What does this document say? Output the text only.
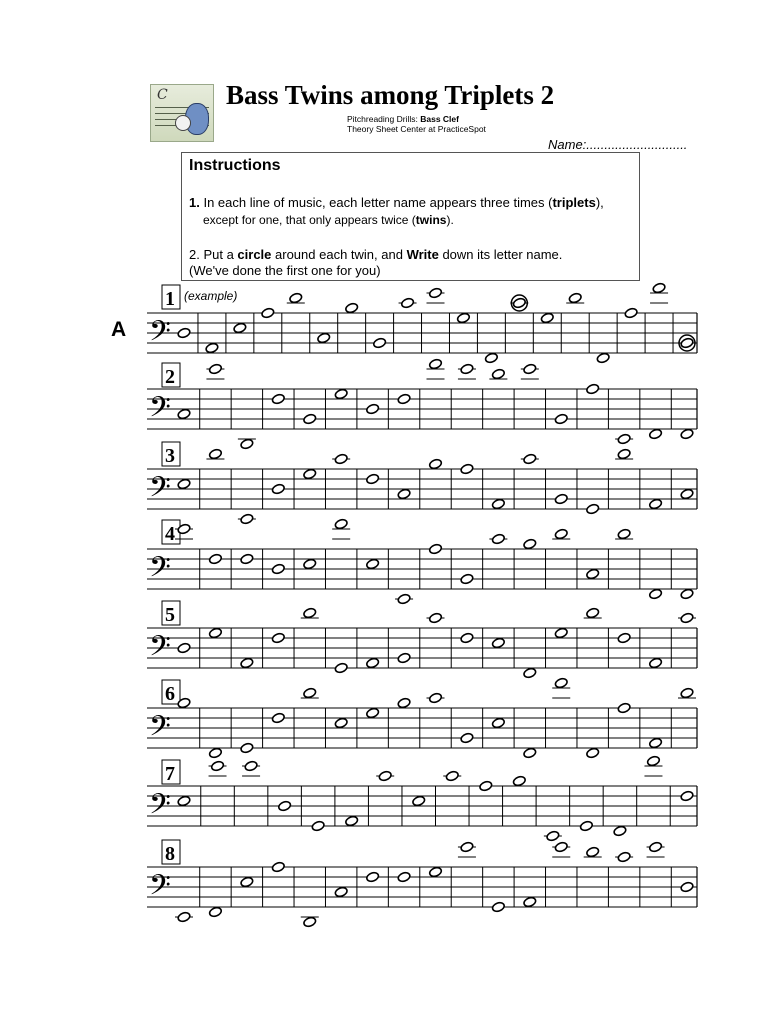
C Bass Twins among Triplets 2
Pitchreading Drills: Bass Clef
Theory Sheet Center at PracticeSpot
Name:............................
Instructions
1. In each line of music, each letter name appears three times (triplets),
except for one, that only appears twice (twins).
2. Put a circle around each twin, and Write down its letter name.
(We've done the first one for you)
A 𝄢
1 (example)
𝄢
2
𝄢
3
𝄢
4
𝄢
5
𝄢
6
𝄢
7
𝄢
8
